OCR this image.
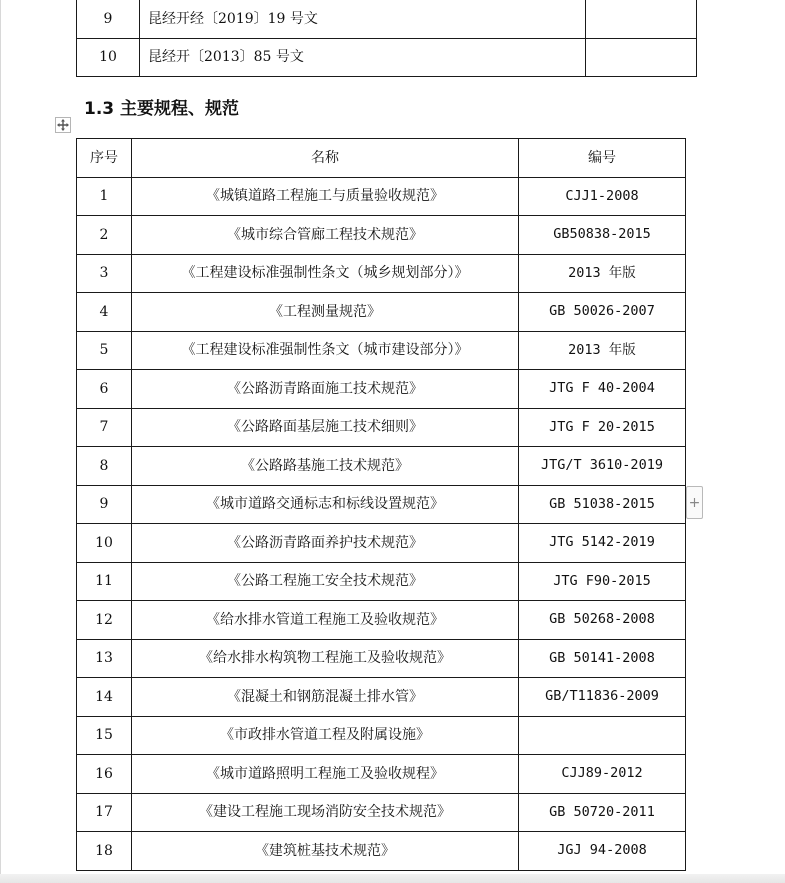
9	昆经开经〔2019〕19 号文	
10	昆经开〔2013〕85 号文	
1.3 主要规程、规范
序号	名称	编号
1	《城镇道路工程施工与质量验收规范》	CJJ1-2008
2	《城市综合管廊工程技术规范》	GB50838-2015
3	《工程建设标准强制性条文（城乡规划部分）》	2013 年版
4	《工程测量规范》	GB 50026-2007
5	《工程建设标准强制性条文（城市建设部分）》	2013 年版
6	《公路沥青路面施工技术规范》	JTG F 40-2004
7	《公路路面基层施工技术细则》	JTG F 20-2015
8	《公路路基施工技术规范》	JTG/T 3610-2019
9	《城市道路交通标志和标线设置规范》	GB 51038-2015
10	《公路沥青路面养护技术规范》	JTG 5142-2019
11	《公路工程施工安全技术规范》	JTG F90-2015
12	《给水排水管道工程施工及验收规范》	GB 50268-2008
13	《给水排水构筑物工程施工及验收规范》	GB 50141-2008
14	《混凝土和钢筋混凝土排水管》	GB/T11836-2009
15	《市政排水管道工程及附属设施》	
16	《城市道路照明工程施工及验收规程》	CJJ89-2012
17	《建设工程施工现场消防安全技术规范》	GB 50720-2011
18	《建筑桩基技术规范》	JGJ 94-2008
+
